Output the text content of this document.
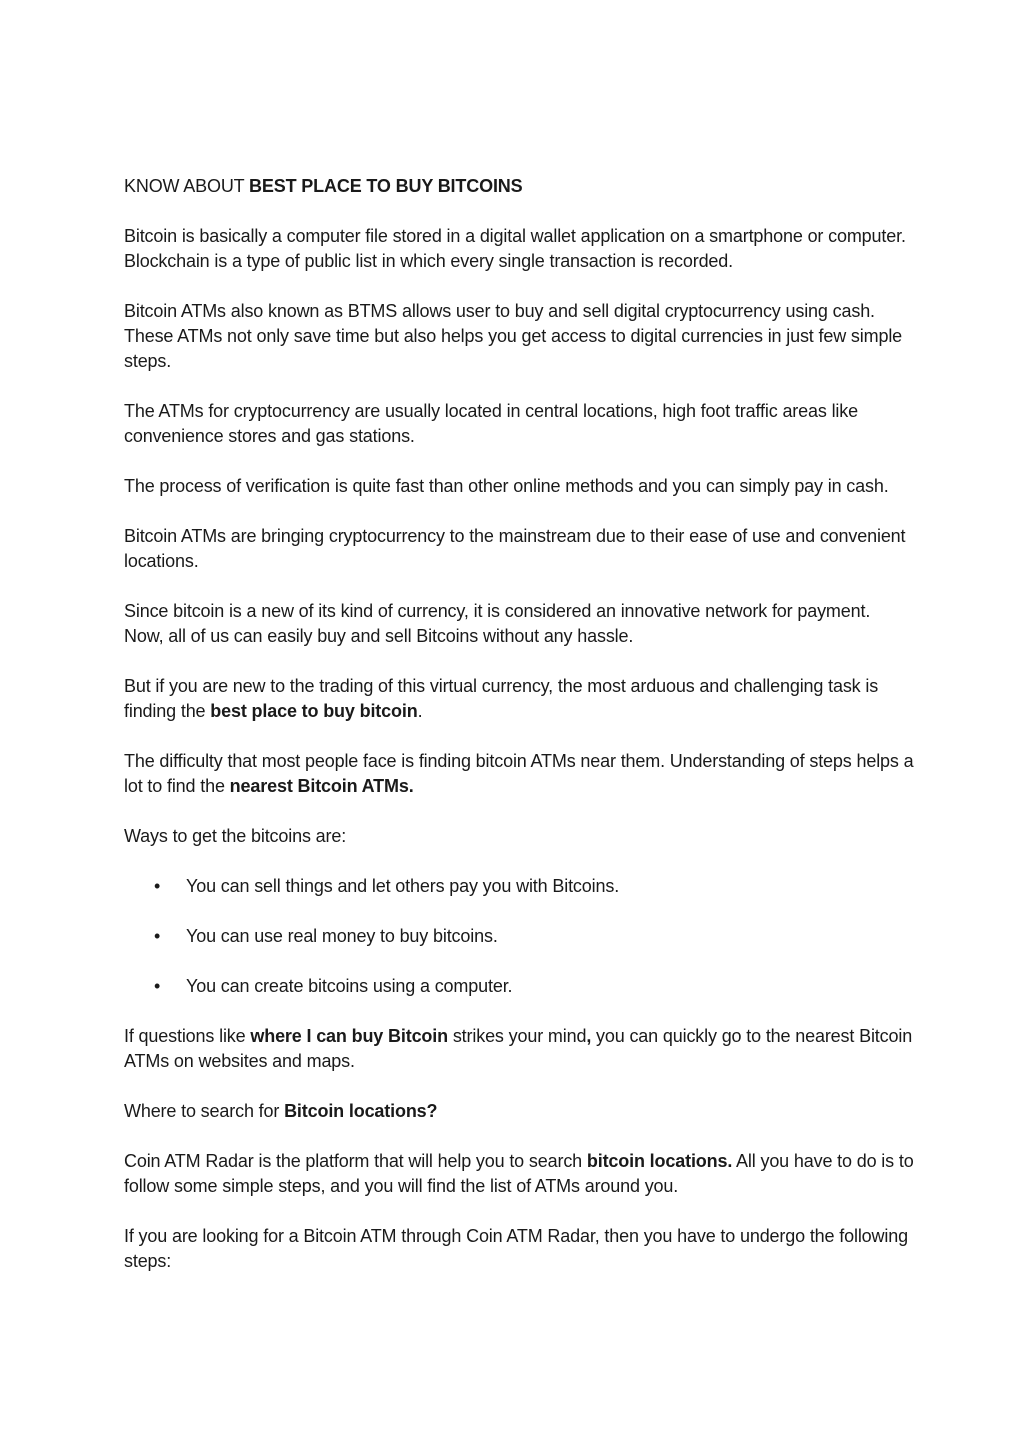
KNOW ABOUT BEST PLACE TO BUY BITCOINS

Bitcoin is basically a computer file stored in a digital wallet application on a smartphone or computer. Blockchain is a type of public list in which every single transaction is recorded.

Bitcoin ATMs also known as BTMS allows user to buy and sell digital cryptocurrency using cash. These ATMs not only save time but also helps you get access to digital currencies in just few simple steps.

The ATMs for cryptocurrency are usually located in central locations, high foot traffic areas like convenience stores and gas stations.

The process of verification is quite fast than other online methods and you can simply pay in cash.

Bitcoin ATMs are bringing cryptocurrency to the mainstream due to their ease of use and convenient locations.

Since bitcoin is a new of its kind of currency, it is considered an innovative network for payment. Now, all of us can easily buy and sell Bitcoins without any hassle.

But if you are new to the trading of this virtual currency, the most arduous and challenging task is finding the best place to buy bitcoin.

The difficulty that most people face is finding bitcoin ATMs near them. Understanding of steps helps a lot to find the nearest Bitcoin ATMs.

Ways to get the bitcoins are:

• You can sell things and let others pay you with Bitcoins.
• You can use real money to buy bitcoins.
• You can create bitcoins using a computer.

If questions like where I can buy Bitcoin strikes your mind, you can quickly go to the nearest Bitcoin ATMs on websites and maps.

Where to search for Bitcoin locations?

Coin ATM Radar is the platform that will help you to search bitcoin locations. All you have to do is to follow some simple steps, and you will find the list of ATMs around you.

If you are looking for a Bitcoin ATM through Coin ATM Radar, then you have to undergo the following steps:
